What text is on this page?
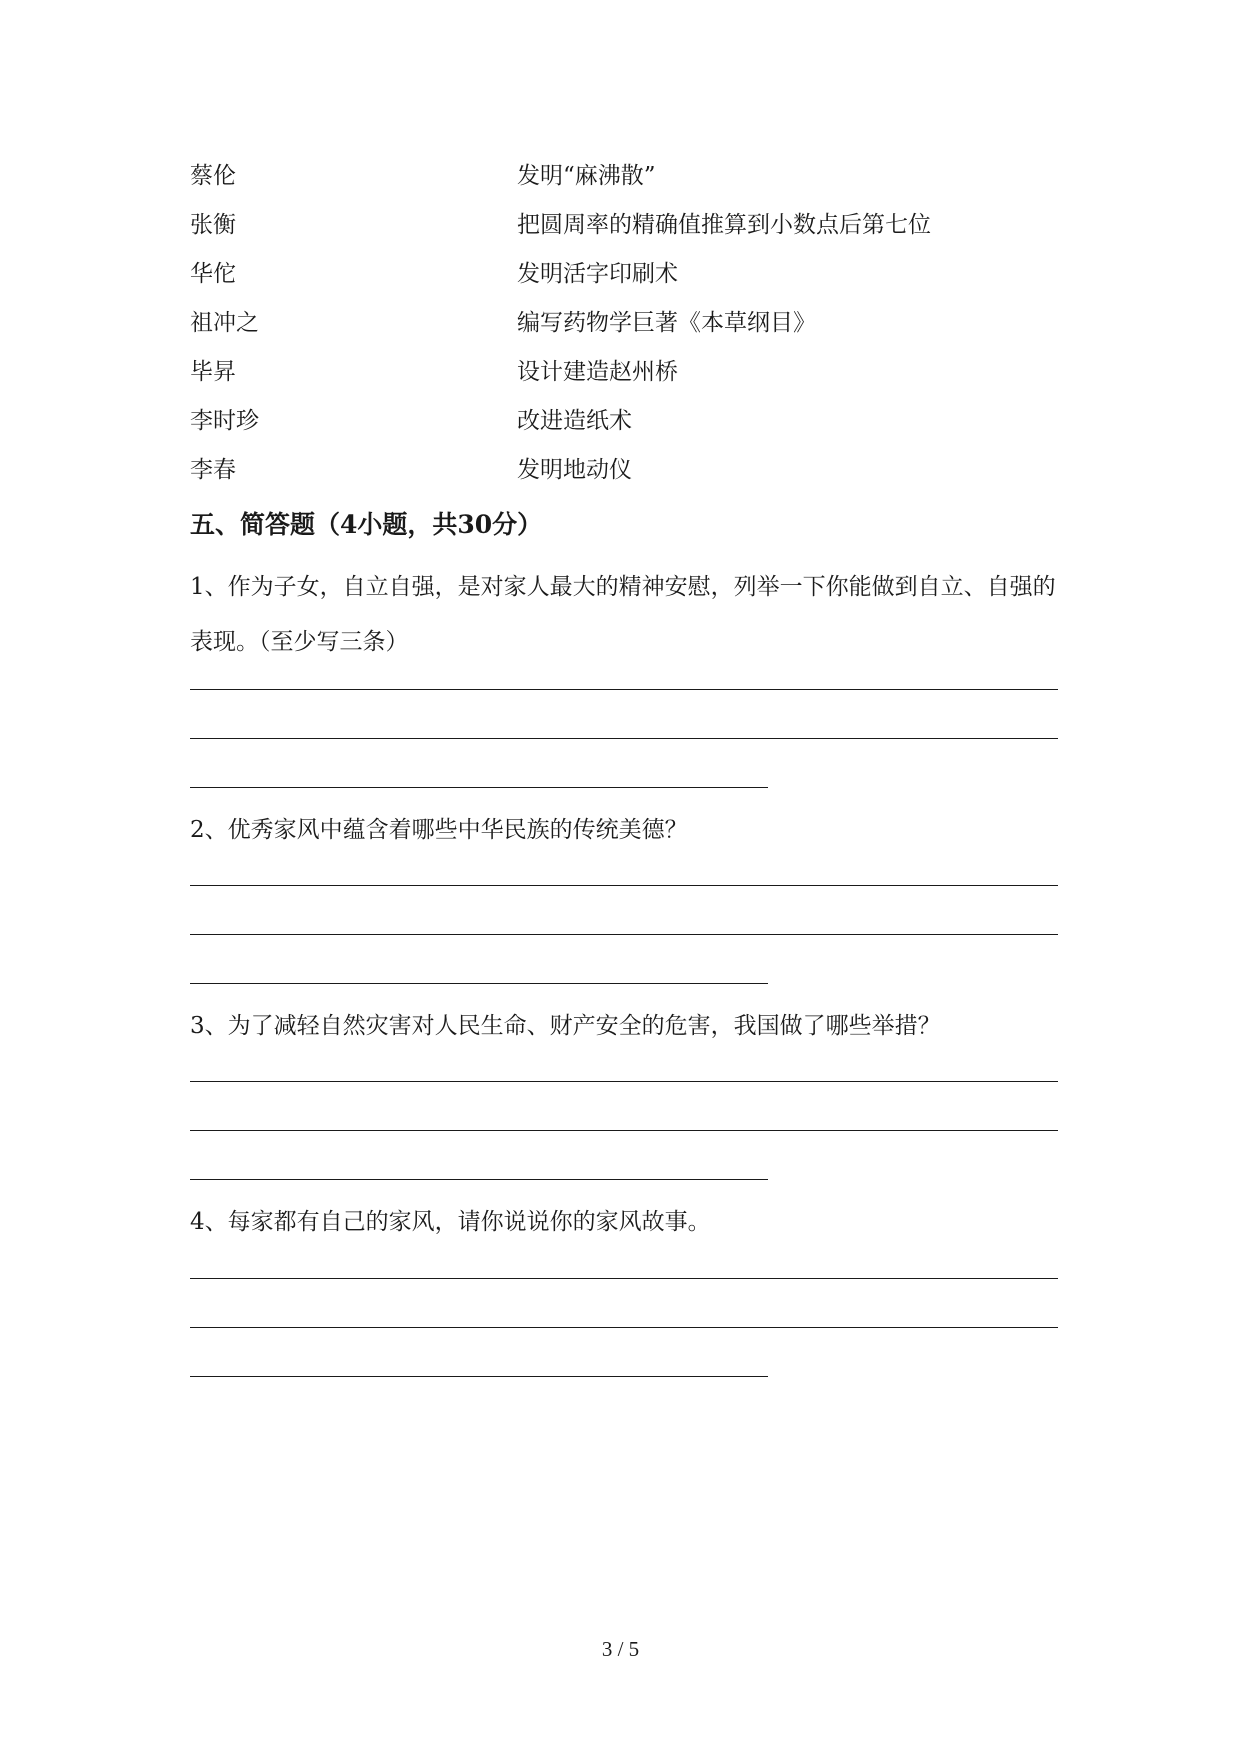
蔡伦	发明“麻沸散”
张衡	把圆周率的精确值推算到小数点后第七位
华佗	发明活字印刷术
祖冲之	编写药物学巨著《本草纲目》
毕昇	设计建造赵州桥
李时珍	改进造纸术
李春	发明地动仪
五、简答题（4小题，共30分）
1、作为子女，自立自强，是对家人最大的精神安慰，列举一下你能做到自立、自强的表现。（至少写三条）
2、优秀家风中蕴含着哪些中华民族的传统美德？
3、为了减轻自然灾害对人民生命、财产安全的危害，我国做了哪些举措？
4、每家都有自己的家风，请你说说你的家风故事。
3 / 5
